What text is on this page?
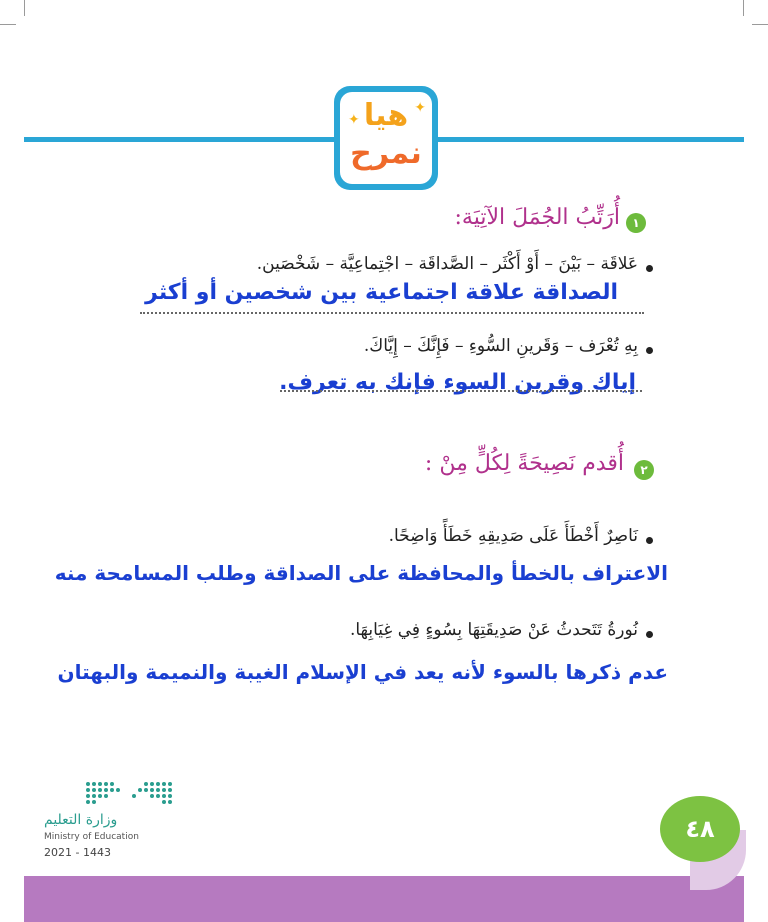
هيا
نمرح
✦
✦
١
أُرَتِّبُ الجُمَلَ الآتِيَة:
عَلاقَة – بَيْنَ – أَوْ أَكْثَر – الصَّداقَة – اجْتِماعِيَّة – شَخْصَين.
الصداقة علاقة اجتماعية بين شخصين أو أكثر
بِهِ تُعْرَف – وَقَرينِ السُّوءِ – فَإِنَّكَ – إِيَّاكَ.
إياك وقرين السوء فإنك به تعرف.
٢
أُقدم نَصِيحَةً لِكُلٍّ مِنْ :
نَاصِرٌ أَخْطَأَ عَلَى صَدِيقِهِ خَطَأً وَاضِحًا.
الاعتراف بالخطأ والمحافظة على الصداقة وطلب المسامحة منه
نُورةُ تَتَحدثُ عَنْ صَدِيقَتِهَا بِسُوءٍ فِي غِيَابِهَا.
عدم ذكرها بالسوء لأنه يعد في الإسلام الغيبة والنميمة والبهتان
وزارة التعليم
Ministry of Education
2021 - 1443
٤٨
